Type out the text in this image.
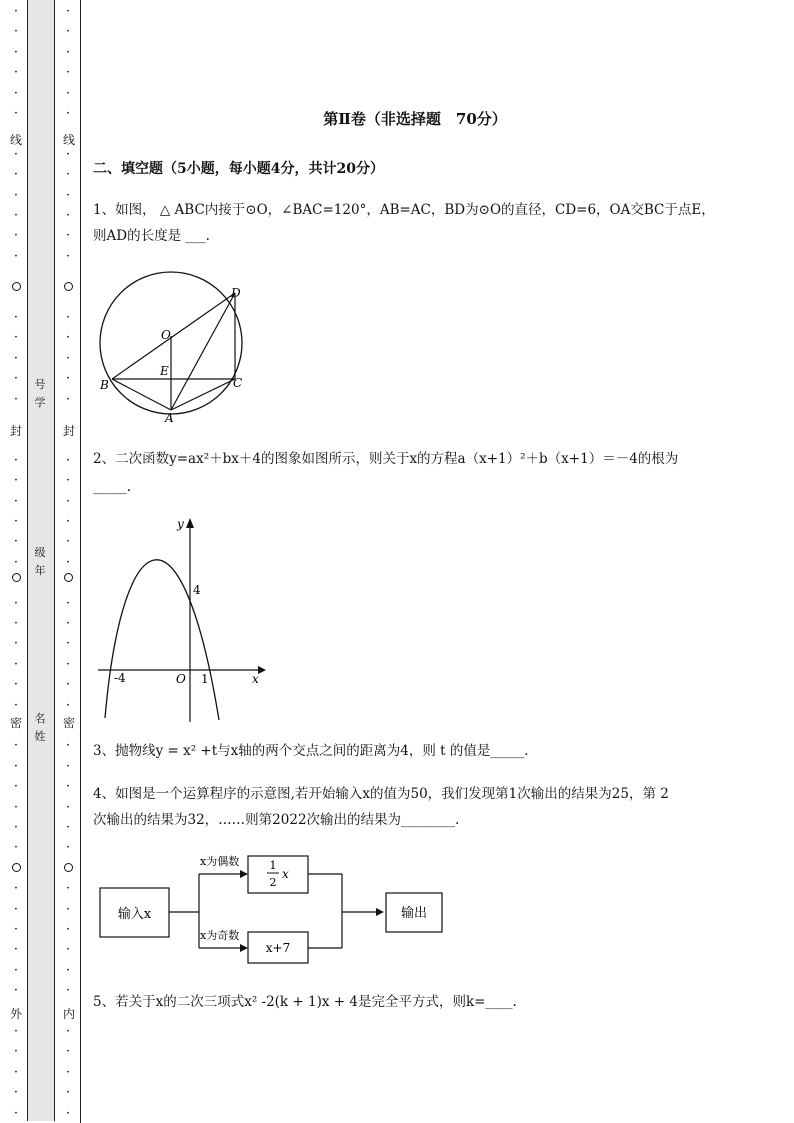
·
·
·
·
·
·
·
·
·
·
·
·
·
·
·
·
·
·
·
·
·
·
·
·
·
·
·
·
·
·
·
·
·
·
·
·
·
·
·
·
·
·
·
·
·
·
·
·
·
·
·
·
·
·
·
·
·
·
·
·
·
·
·
·
·
·
·
·
·
·
·
·
·
·
·
·
·
·
·
·
·
·
·
·
·
·
·
·
·
·
·
·
线
封
密
外
线
封
密
内
号
学
级
年
名
姓
第Ⅱ卷（非选择题　70分）
二、填空题（5小题，每小题4分，共计20分）
1、如图， △ ABC内接于⊙O，∠BAC=120°，AB=AC，BD为⊙O的直径，CD=6，OA交BC于点E，
则AD的长度是 ___.
D
O
E
B	C
A
2、二次函数y=ax²＋bx＋4的图象如图所示，则关于x的方程a（x+1）²＋b（x+1）＝－4的根为
_____.
y
x
4
-4	O 1
3、抛物线y = x² +t与x轴的两个交点之间的距离为4，则 t 的值是_____.
4、如图是一个运算程序的示意图,若开始输入x的值为50，我们发现第1次输出的结果为25，第 2
次输出的结果为32，……则第2022次输出的结果为________.
输入x
x为偶数
x为奇数
1
2
x
x+7
输出
5、若关于x的二次三项式x² -2(k + 1)x + 4是完全平方式，则k=____.
